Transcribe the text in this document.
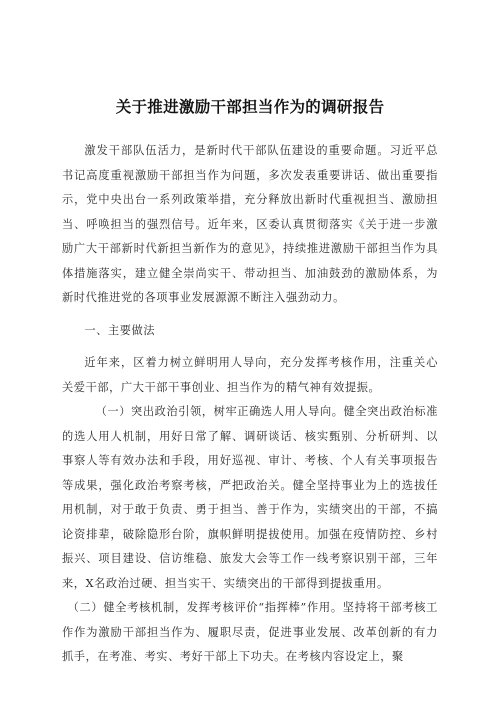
关于推进激励干部担当作为的调研报告

激发干部队伍活力，是新时代干部队伍建设的重要命题。习近平总书记高度重视激励干部担当作为问题，多次发表重要讲话、做出重要指示，党中央出台一系列政策举措，充分释放出新时代重视担当、激励担当、呼唤担当的强烈信号。近年来，区委认真贯彻落实《关于进一步激励广大干部新时代新担当新作为的意见》，持续推进激励干部担当作为具体措施落实，建立健全崇尚实干、带动担当、加油鼓劲的激励体系，为新时代推进党的各项事业发展源源不断注入强劲动力。

一、主要做法

近年来，区着力树立鲜明用人导向，充分发挥考核作用，注重关心关爱干部，广大干部干事创业、担当作为的精气神有效提振。

（一）突出政治引领，树牢正确选人用人导向。健全突出政治标准的选人用人机制，用好日常了解、调研谈话、核实甄别、分析研判、以事察人等有效办法和手段，用好巡视、审计、考核、个人有关事项报告等成果，强化政治考察考核，严把政治关。健全坚持事业为上的选拔任用机制，对于敢于负责、勇于担当、善于作为，实绩突出的干部，不搞论资排辈，破除隐形台阶，旗帜鲜明提拔使用。加强在疫情防控、乡村振兴、项目建设、信访维稳、旅发大会等工作一线考察识别干部，三年来，X名政治过硬、担当实干、实绩突出的干部得到提拔重用。

（二）健全考核机制，发挥考核评价“指挥棒”作用。坚持将干部考核工作作为激励干部担当作为、履职尽责，促进事业发展、改革创新的有力抓手，在考准、考实、考好干部上下功夫。在考核内容设定上，聚
